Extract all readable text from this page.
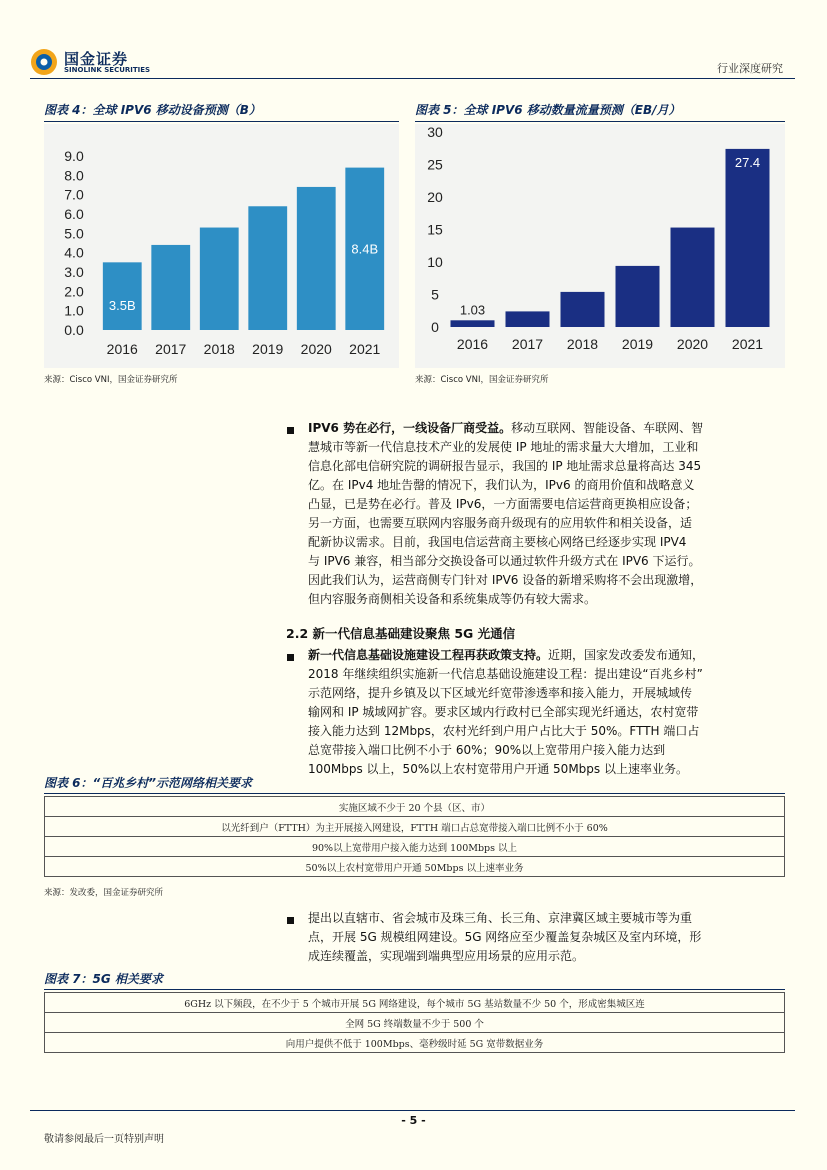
国金证券
SINOLINK SECURITIES	行业深度研究
图表 4：全球 IPV6 移动设备预测（B）
0.0
1.0
2.0
3.0
4.0
5.0
6.0
7.0
8.0
9.0
2016
3.5B
2017 2018 2019 2020 2021
8.4B
来源：Cisco VNI，国金证券研究所
图表 5：全球 IPV6 移动数量流量预测（EB/月）
0
5
10
15
20
25
30
2016
1.03
2017 2018 2019 2020 2021
27.4
来源：Cisco VNI，国金证券研究所
IPV6 势在必行，一线设备厂商受益。移动互联网、智能设备、车联网、智
慧城市等新一代信息技术产业的发展使 IP 地址的需求量大大增加，工业和
信息化部电信研究院的调研报告显示，我国的 IP 地址需求总量将高达 345
亿。在 IPv4 地址告罄的情况下，我们认为，IPv6 的商用价值和战略意义
凸显，已是势在必行。普及 IPv6，一方面需要电信运营商更换相应设备；
另一方面，也需要互联网内容服务商升级现有的应用软件和相关设备，适
配新协议需求。目前，我国电信运营商主要核心网络已经逐步实现 IPV4
与 IPV6 兼容，相当部分交换设备可以通过软件升级方式在 IPV6 下运行。
因此我们认为，运营商侧专门针对 IPV6 设备的新增采购将不会出现激增，
但内容服务商侧相关设备和系统集成等仍有较大需求。
2.2 新一代信息基础建设聚焦 5G 光通信
新一代信息基础设施建设工程再获政策支持。近期，国家发改委发布通知，
2018 年继续组织实施新一代信息基础设施建设工程：提出建设“百兆乡村”
示范网络，提升乡镇及以下区域光纤宽带渗透率和接入能力，开展城域传
输网和 IP 城域网扩容。要求区域内行政村已全部实现光纤通达，农村宽带
接入能力达到 12Mbps，农村光纤到户用户占比大于 50%。FTTH 端口占
总宽带接入端口比例不小于 60%；90%以上宽带用户接入能力达到
100Mbps 以上，50%以上农村宽带用户开通 50Mbps 以上速率业务。
图表 6：“百兆乡村”示范网络相关要求
实施区域不少于 20 个县（区、市）
以光纤到户（FTTH）为主开展接入网建设，FTTH 端口占总宽带接入端口比例不小于 60%
90%以上宽带用户接入能力达到 100Mbps 以上
50%以上农村宽带用户开通 50Mbps 以上速率业务
来源：发改委，国金证券研究所
提出以直辖市、省会城市及珠三角、长三角、京津冀区域主要城市等为重
点，开展 5G 规模组网建设。5G 网络应至少覆盖复杂城区及室内环境，形
成连续覆盖，实现端到端典型应用场景的应用示范。
图表 7：5G 相关要求
6GHz 以下频段，在不少于 5 个城市开展 5G 网络建设，每个城市 5G 基站数量不少 50 个，形成密集城区连
全网 5G 终端数量不少于 500 个
向用户提供不低于 100Mbps、毫秒级时延 5G 宽带数据业务
- 5 -
敬请参阅最后一页特别声明
